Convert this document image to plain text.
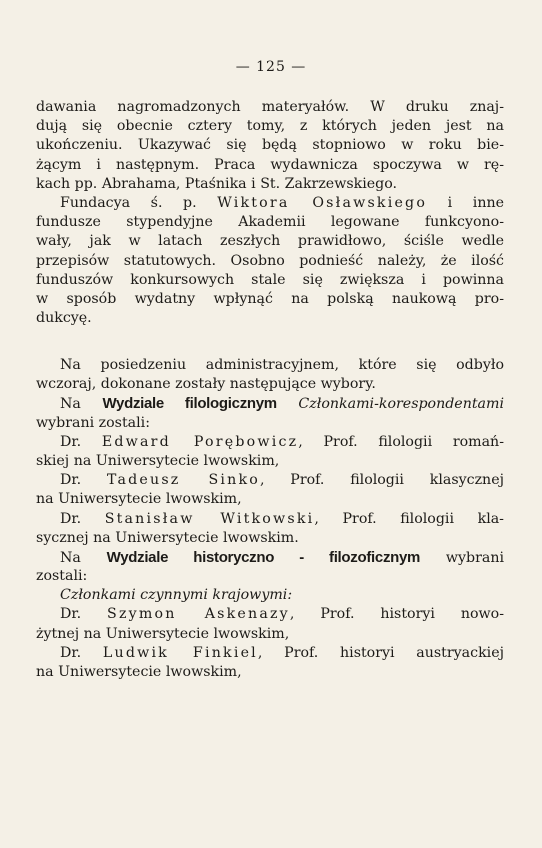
— 125 —
dawania nagromadzonych materyałów. W druku znaj-
dują się obecnie cztery tomy, z których jeden jest na
ukończeniu. Ukazywać się będą stopniowo w roku bie-
żącym i następnym. Praca wydawnicza spoczywa w rę-
kach pp. Abrahama, Ptaśnika i St. Zakrzewskiego.
Fundacya ś. p. Wiktora Osławskiego i inne
fundusze stypendyjne Akademii legowane funkcyono-
wały, jak w latach zeszłych prawidłowo, ściśle wedle
przepisów statutowych. Osobno podnieść należy, że ilość
funduszów konkursowych stale się zwiększa i powinna
w sposób wydatny wpłynąć na polską naukową pro-
dukcyę.
Na posiedzeniu administracyjnem, które się odbyło
wczoraj, dokonane zostały następujące wybory.
Na Wydziale filologicznym Członkami-korespondentami
wybrani zostali:
Dr. Edward Porębowicz, Prof. filologii romań-
skiej na Uniwersytecie lwowskim,
Dr. Tadeusz Sinko, Prof. filologii klasycznej
na Uniwersytecie lwowskim,
Dr. Stanisław Witkowski, Prof. filologii kla-
sycznej na Uniwersytecie lwowskim.
Na Wydziale historyczno - filozoficznym wybrani
zostali:
Członkami czynnymi krajowymi:
Dr. Szymon Askenazy, Prof. historyi nowo-
żytnej na Uniwersytecie lwowskim,
Dr. Ludwik Finkiel, Prof. historyi austryackiej
na Uniwersytecie lwowskim,
